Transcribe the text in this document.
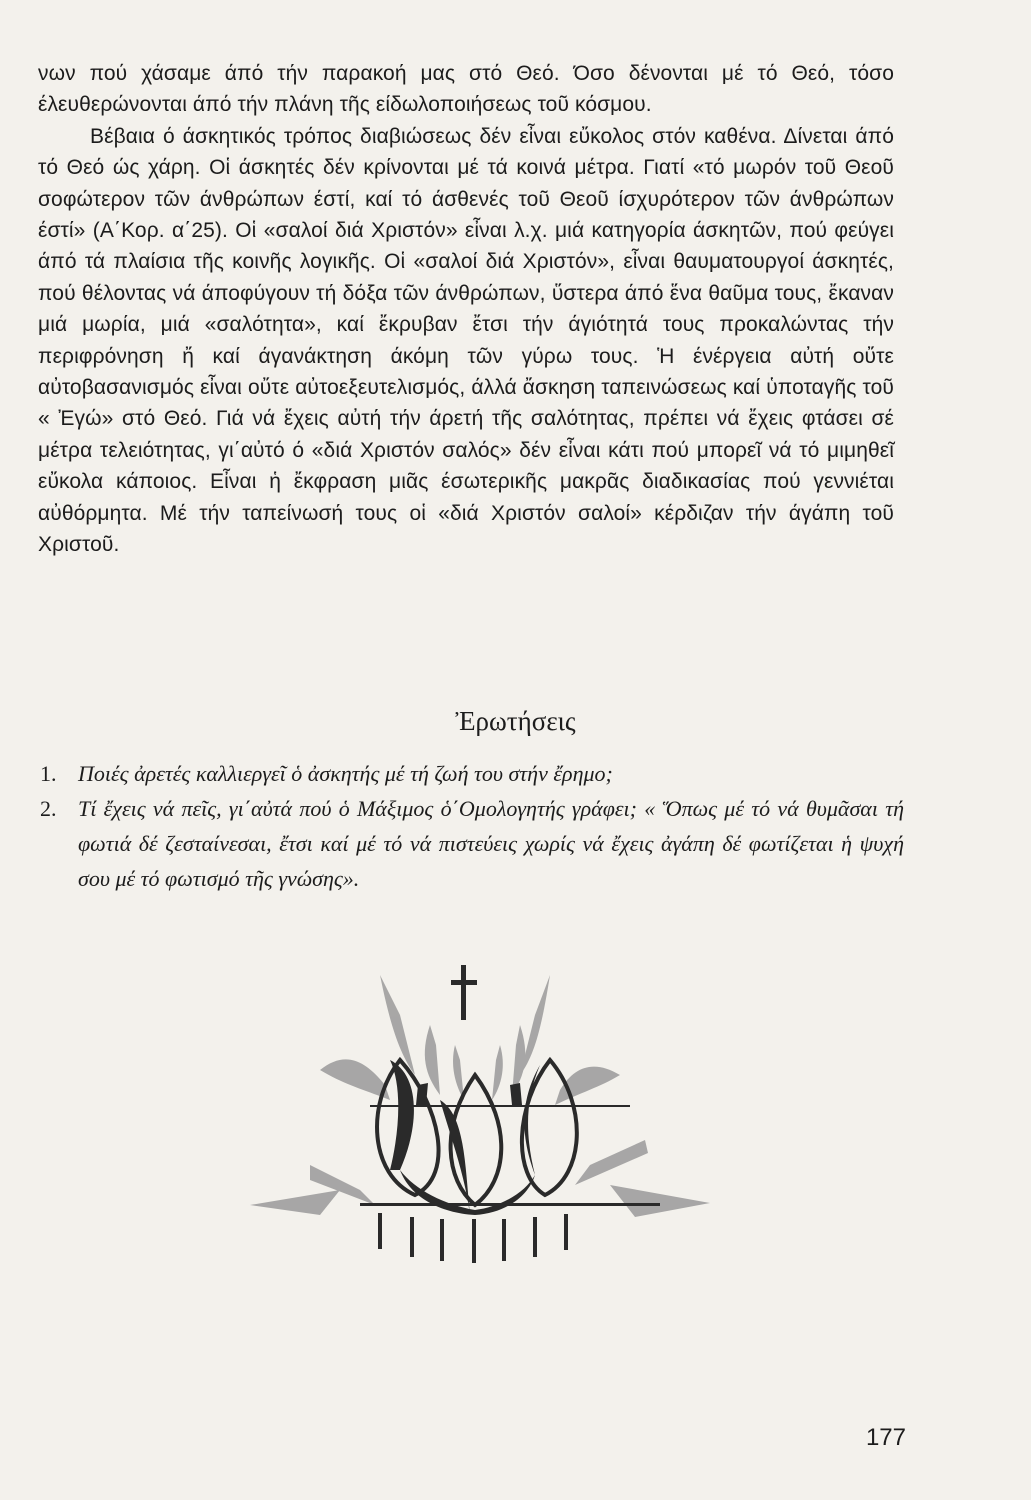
νων πού χάσαμε άπό τήν παρακοή μας στό Θεό. Όσο δένονται μέ τό Θεό, τόσο έλευθερώνονται άπό τήν πλάνη τῆς είδωλοποιήσεως τοῦ κόσμου.

Βέβαια ό άσκητικός τρόπος διαβιώσεως δέν εἶναι εὔκολος στόν καθένα. Δίνεται άπό τό Θεό ώς χάρη. Οἱ άσκητές δέν κρίνονται μέ τά κοινά μέτρα. Γιατί «τό μωρόν τοῦ Θεοῦ σοφώτερον τῶν άνθρώπων έστί, καί τό άσθενές τοῦ Θεοῦ ίσχυρότερον τῶν άνθρώπων έστί» (Α΄Κορ. α΄25). Οἱ «σαλοί διά Χριστόν» εἶναι λ.χ. μιά κατηγορία άσκητῶν, πού φεύγει άπό τά πλαίσια τῆς κοινῆς λογικῆς. Οἱ «σαλοί διά Χριστόν», εἶναι θαυματουργοί άσκητές, πού θέλοντας νά άποφύγουν τή δόξα τῶν άνθρώπων, ὕστερα άπό ἕνα θαῦμα τους, ἔκαναν μιά μωρία, μιά «σαλότητα», καί ἔκρυβαν ἔτσι τήν άγιότητά τους προκαλώντας τήν περιφρόνηση ἤ καί άγανάκτηση άκόμη τῶν γύρω τους. Ἡ ένέργεια αὐτή οὔτε αὐτοβασανισμός εἶναι οὔτε αὐτοεξευτελισμός, άλλά ἄσκηση ταπεινώσεως καί ὑποταγῆς τοῦ « Ἐγώ» στό Θεό. Γιά νά ἔχεις αὐτή τήν άρετή τῆς σαλότητας, πρέπει νά ἔχεις φτάσει σέ μέτρα τελειότητας, γι΄αὐτό ό «διά Χριστόν σαλός» δέν εἶναι κάτι πού μπορεῖ νά τό μιμηθεῖ εὔκολα κάποιος. Εἶναι ἡ ἔκφραση μιᾶς έσωτερικῆς μακρᾶς διαδικασίας πού γεννιέται αὐθόρμητα. Μέ τήν ταπείνωσή τους οἱ «διά Χριστόν σαλοί» κέρδιζαν τήν άγάπη τοῦ Χριστοῦ.

Ἐρωτήσεις
1. Ποιές ἀρετές καλλιεργεῖ ὁ ἀσκητής μέ τή ζωή του στήν ἔρημο;
2. Τί ἔχεις νά πεῖς, γι΄αὐτά πού ὁ Μάξιμος ὁ΄Ομολογητής γράφει; « Ὅπως μέ τό νά θυμᾶσαι τή φωτιά δέ ζεσταίνεσαι, ἔτσι καί μέ τό νά πιστεύεις χωρίς νά ἔχεις ἀγάπη δέ φωτίζεται ἡ ψυχή σου μέ τό φωτισμό τῆς γνώσης».
177
